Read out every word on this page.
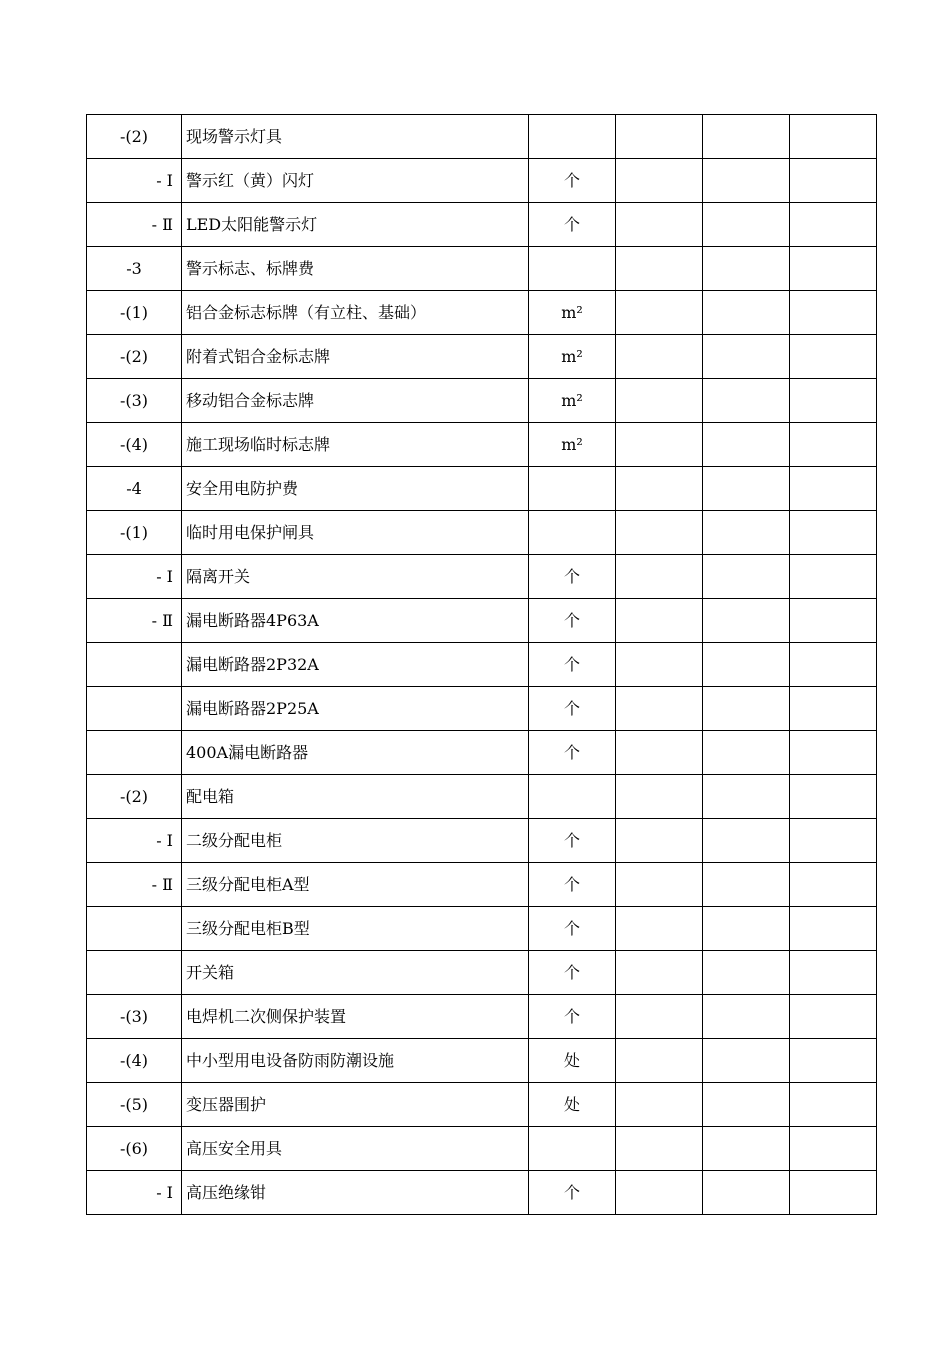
-(2)	现场警示灯具				
- Ⅰ	警示红（黄）闪灯	个			
- Ⅱ	LED太阳能警示灯	个			
-3	警示标志、标牌费				
-(1)	铝合金标志标牌（有立柱、基础）	m²			
-(2)	附着式铝合金标志牌	m²			
-(3)	移动铝合金标志牌	m²			
-(4)	施工现场临时标志牌	m²			
-4	安全用电防护费				
-(1)	临时用电保护闸具				
- Ⅰ	隔离开关	个			
- Ⅱ	漏电断路器4P63A	个			
	漏电断路器2P32A	个			
	漏电断路器2P25A	个			
	400A漏电断路器	个			
-(2)	配电箱				
- Ⅰ	二级分配电柜	个			
- Ⅱ	三级分配电柜A型	个			
	三级分配电柜B型	个			
	开关箱	个			
-(3)	电焊机二次侧保护装置	个			
-(4)	中小型用电设备防雨防潮设施	处			
-(5)	变压器围护	处			
-(6)	高压安全用具				
- Ⅰ	高压绝缘钳	个			
